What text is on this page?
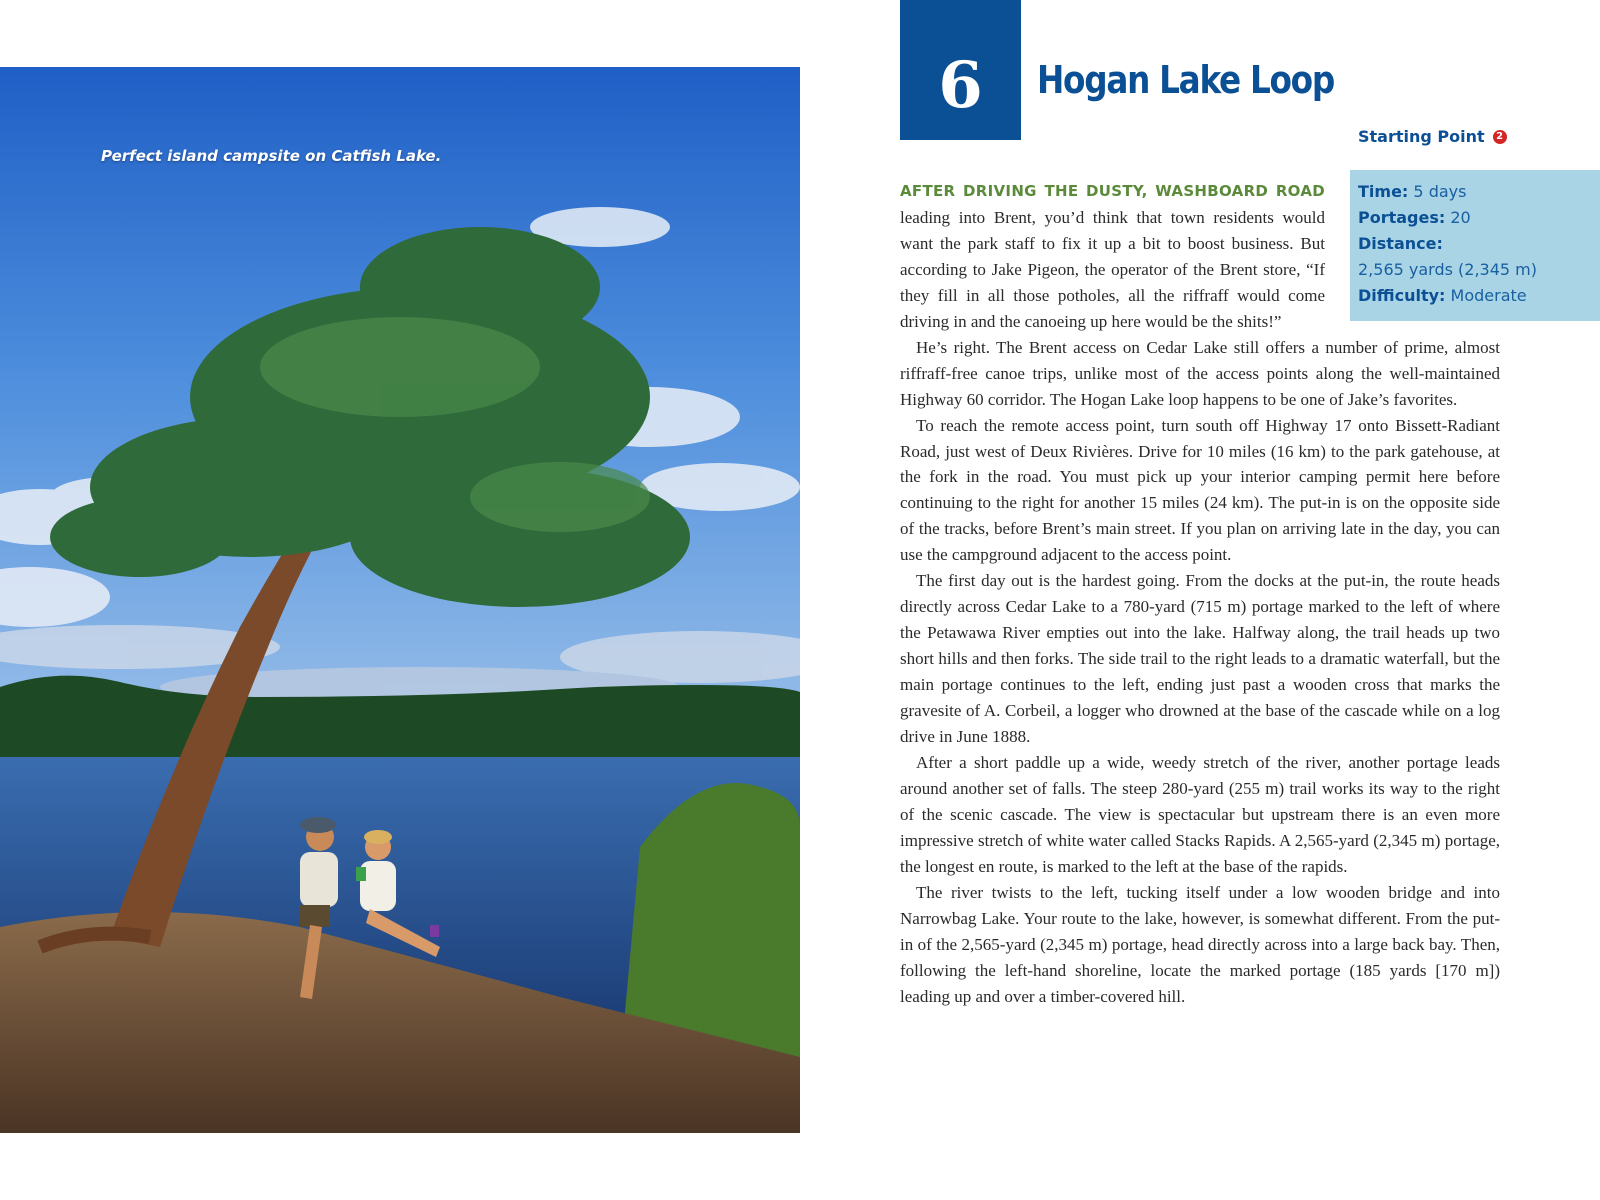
Perfect island campsite on Catfish Lake.
6 Hogan Lake Loop
Starting Point	2
Time: 5 days
Portages: 20
Distance:
2,565 yards (2,345 m)
Difficulty: Moderate

AFTER DRIVING THE DUSTY, WASHBOARD ROAD leading into Brent, you’d think that town residents would want the park staff to fix it up a bit to boost business. But according to Jake Pigeon, the operator of the Brent store, “If they fill in all those potholes, all the riffraff would come driving in and the canoeing up here would be the shits!”

He’s right. The Brent access on Cedar Lake still offers a number of prime, almost riffraff-free canoe trips, unlike most of the access points along the well-maintained Highway 60 corridor. The Hogan Lake loop happens to be one of Jake’s favorites.

To reach the remote access point, turn south off Highway 17 onto Bissett-Radiant Road, just west of Deux Rivières. Drive for 10 miles (16 km) to the park gatehouse, at the fork in the road. You must pick up your interior camping permit here before continuing to the right for another 15 miles (24 km). The put-in is on the opposite side of the tracks, before Brent’s main street. If you plan on arriving late in the day, you can use the campground adjacent to the access point.

The first day out is the hardest going. From the docks at the put-in, the route heads directly across Cedar Lake to a 780-yard (715 m) portage marked to the left of where the Petawawa River empties out into the lake. Halfway along, the trail heads up two short hills and then forks. The side trail to the right leads to a dramatic waterfall, but the main portage continues to the left, ending just past a wooden cross that marks the gravesite of A. Corbeil, a logger who drowned at the base of the cascade while on a log drive in June 1888.

After a short paddle up a wide, weedy stretch of the river, another portage leads around another set of falls. The steep 280-yard (255 m) trail works its way to the right of the scenic cascade. The view is spectacular but upstream there is an even more impressive stretch of white water called Stacks Rapids. A 2,565-yard (2,345 m) portage, the longest en route, is marked to the left at the base of the rapids.

The river twists to the left, tucking itself under a low wooden bridge and into Narrowbag Lake. Your route to the lake, however, is somewhat different. From the put-in of the 2,565-yard (2,345 m) portage, head directly across into a large back bay. Then, following the left-hand shoreline, locate the marked portage (185 yards [170 m]) leading up and over a timber-covered hill.
